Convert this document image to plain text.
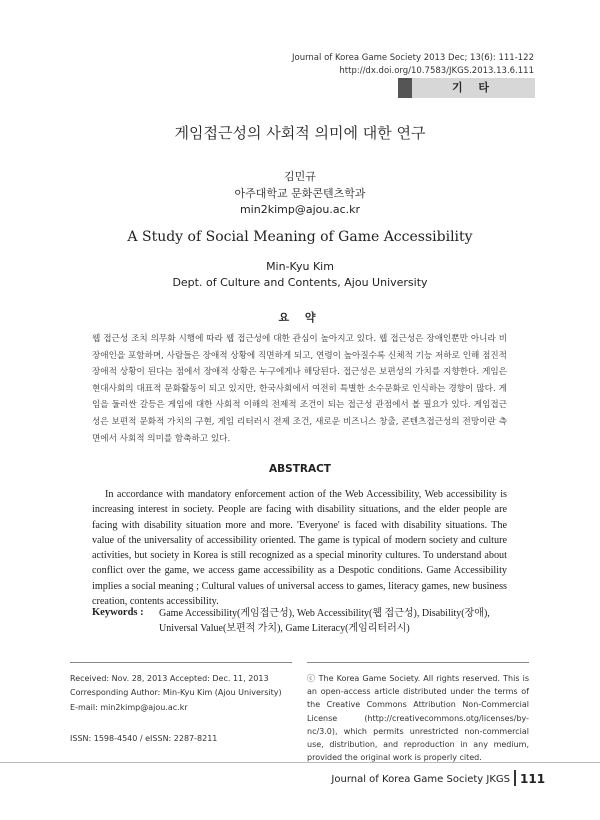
Journal of Korea Game Society 2013 Dec; 13(6): 111-122
http://dx.doi.org/10.7583/JKGS.2013.13.6.111
기 타
게임접근성의 사회적 의미에 대한 연구
김민규
아주대학교 문화콘텐츠학과
min2kimp@ajou.ac.kr
A Study of Social Meaning of Game Accessibility
Min-Kyu Kim
Dept. of Culture and Contents, Ajou University
요 약
웹 접근성 조치 의무화 시행에 따라 웹 접근성에 대한 관심이 높아지고 있다. 웹 접근성은 장애인뿐만 아니라 비장애인을 포함하며, 사람들은 장애적 상황에 직면하게 되고, 연령이 높아질수록 신체적 기능 저하로 인해 점진적 장애적 상황이 된다는 점에서 장애적 상황은 누구에게나 해당된다. 접근성은 보편성의 가치를 지향한다. 게임은 현대사회의 대표적 문화활동이 되고 있지만, 한국사회에서 여전히 특별한 소수문화로 인식하는 경향이 많다. 게임을 둘러싼 갈등은 게임에 대한 사회적 이해의 전제적 조건이 되는 접근성 관점에서 볼 필요가 있다. 게임접근성은 보편적 문화적 가치의 구현, 게임 리터러시 전제 조건, 새로운 비즈니스 창출, 콘텐츠접근성의 전망이란 측면에서 사회적 의미를 함축하고 있다.
ABSTRACT
In accordance with mandatory enforcement action of the Web Accessibility, Web accessibility is increasing interest in society. People are facing with disability situations, and the elder people are facing with disability situation more and more. 'Everyone' is faced with disability situations. The value of the universality of accessibility oriented. The game is typical of modern society and culture activities, but society in Korea is still recognized as a special minority cultures. To understand about conflict over the game, we access game accessibility as a Despotic conditions. Game Accessibility implies a social meaning ; Cultural values of universal access to games, literacy games, new business creation, contents accessibility.
Keywords : Game Accessibility(게임접근성), Web Accessibility(웹 접근성), Disability(장애), Universal Value(보편적 가치), Game Literacy(게임리터러시)
Received: Nov. 28, 2013 Accepted: Dec. 11, 2013
Corresponding Author: Min-Kyu Kim (Ajou University)
E-mail: min2kimp@ajou.ac.kr
ISSN: 1598-4540 / eISSN: 2287-8211
ⓒ The Korea Game Society. All rights reserved. This is an open-access article distributed under the terms of the Creative Commons Attribution Non-Commercial License (http://creativecommons.otg/licenses/by-nc/3.0), which permits unrestricted non-commercial use, distribution, and reproduction in any medium, provided the original work is properly cited.
Journal of Korea Game Society JKGS 111
